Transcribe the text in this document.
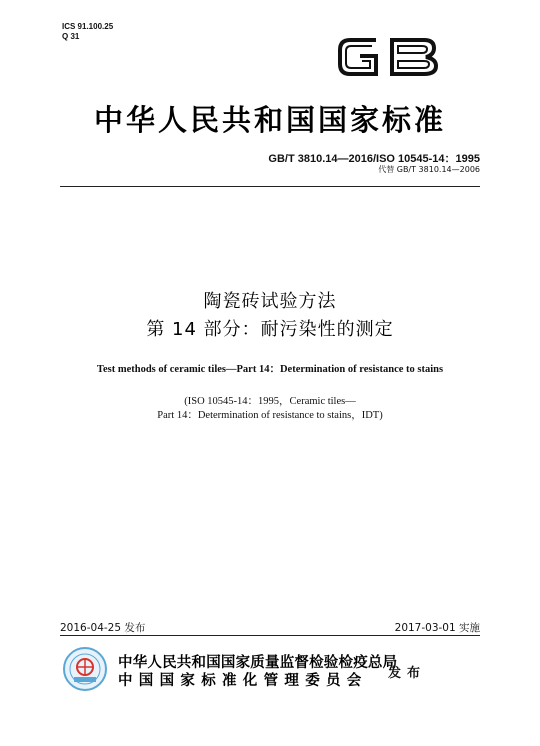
ICS 91.100.25
Q 31
中华人民共和国国家标准
GB/T 3810.14—2016/ISO 10545-14：1995
代替 GB/T 3810.14—2006
陶瓷砖试验方法
第 14 部分：耐污染性的测定
Test methods of ceramic tiles—Part 14：Determination of resistance to stains
(ISO 10545-14：1995，Ceramic tiles—
Part 14：Determination of resistance to stains，IDT)
2016-04-25 发布	2017-03-01 实施
中华人民共和国国家质量监督检验检疫总局
中国国家标准化管理委员会 发布
